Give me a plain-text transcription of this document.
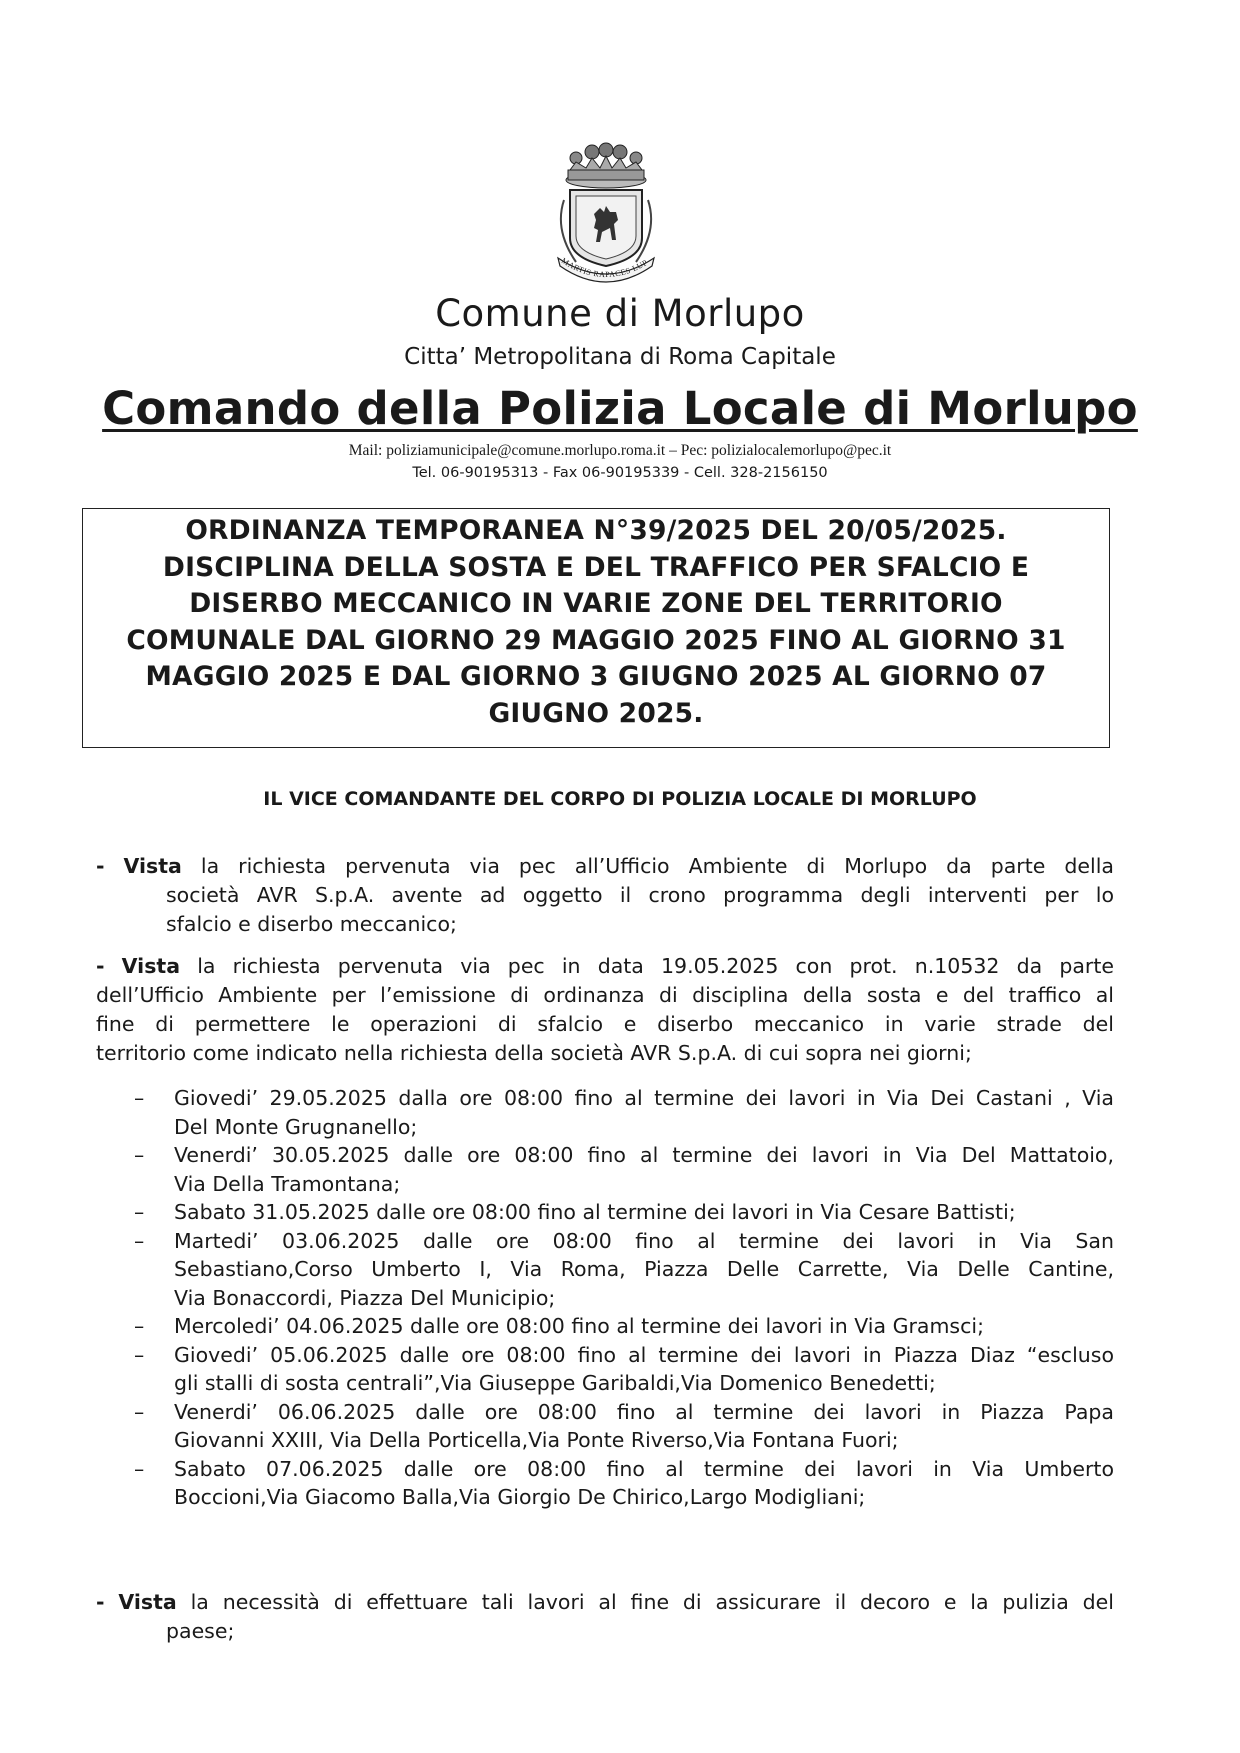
MARTIS RAPACES LUP
Comune di Morlupo
Citta’ Metropolitana di Roma Capitale
Comando della Polizia Locale di Morlupo
Mail: poliziamunicipale@comune.morlupo.roma.it – Pec: polizialocalemorlupo@pec.it
Tel. 06-90195313 - Fax 06-90195339 - Cell. 328-2156150
ORDINANZA TEMPORANEA N°39/2025 DEL 20/05/2025.
DISCIPLINA DELLA SOSTA E DEL TRAFFICO PER SFALCIO E
DISERBO MECCANICO IN VARIE ZONE DEL TERRITORIO
COMUNALE DAL GIORNO 29 MAGGIO 2025 FINO AL GIORNO 31
MAGGIO 2025 E DAL GIORNO 3 GIUGNO 2025 AL GIORNO 07
GIUGNO 2025.
IL VICE COMANDANTE DEL CORPO DI POLIZIA LOCALE DI MORLUPO
- Vista la richiesta pervenuta via pec all’Ufficio Ambiente di Morlupo da parte della
società AVR S.p.A. avente ad oggetto il crono programma degli interventi per lo
sfalcio e diserbo meccanico;
- Vista la richiesta pervenuta via pec in data 19.05.2025 con prot. n.10532 da parte
dell’Ufficio Ambiente per l’emissione di ordinanza di disciplina della sosta e del traffico al
fine di permettere le operazioni di sfalcio e diserbo meccanico in varie strade del
territorio come indicato nella richiesta della società AVR S.p.A. di cui sopra nei giorni;
–	Giovedi’ 29.05.2025 dalla ore 08:00 fino al termine dei lavori in Via Dei Castani , Via
Del Monte Grugnanello;
–	Venerdi’ 30.05.2025 dalle ore 08:00 fino al termine dei lavori in Via Del Mattatoio,
Via Della Tramontana;
–	Sabato 31.05.2025 dalle ore 08:00 fino al termine dei lavori in Via Cesare Battisti;
–	Martedi’ 03.06.2025 dalle ore 08:00 fino al termine dei lavori in Via San
Sebastiano,Corso Umberto I, Via Roma, Piazza Delle Carrette, Via Delle Cantine,
Via Bonaccordi, Piazza Del Municipio;
–	Mercoledi’ 04.06.2025 dalle ore 08:00 fino al termine dei lavori in Via Gramsci;
–	Giovedi’ 05.06.2025 dalle ore 08:00 fino al termine dei lavori in Piazza Diaz “escluso
gli stalli di sosta centrali”,Via Giuseppe Garibaldi,Via Domenico Benedetti;
–	Venerdi’ 06.06.2025 dalle ore 08:00 fino al termine dei lavori in Piazza Papa
Giovanni XXIII, Via Della Porticella,Via Ponte Riverso,Via Fontana Fuori;
–	Sabato 07.06.2025 dalle ore 08:00 fino al termine dei lavori in Via Umberto
Boccioni,Via Giacomo Balla,Via Giorgio De Chirico,Largo Modigliani;
- Vista la necessità di effettuare tali lavori al fine di assicurare il decoro e la pulizia del
paese;
